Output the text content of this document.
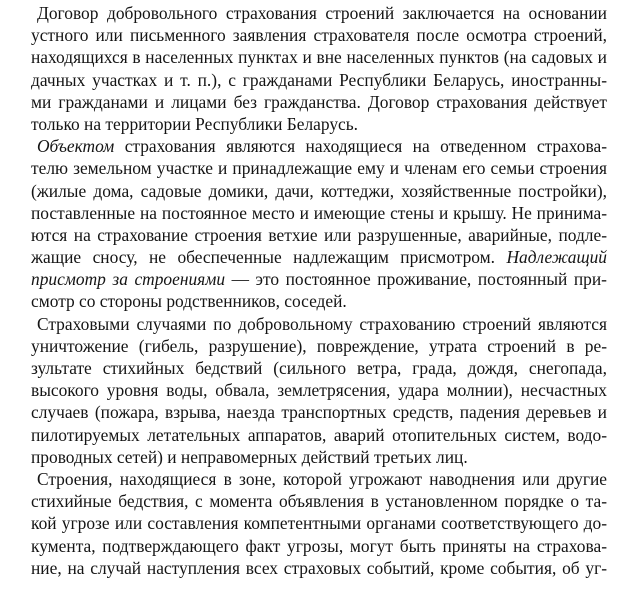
Договор добровольного страхования строений заключается на основании
устного или письменного заявления страхователя после осмотра строений,
находящихся в населенных пунктах и вне населенных пунктов (на садовых и
дачных участках и т. п.), с гражданами Республики Беларусь, иностранны-
ми гражданами и лицами без гражданства. Договор страхования действует
только на территории Республики Беларусь.
Объектом страхования являются находящиеся на отведенном страхова-
телю земельном участке и принадлежащие ему и членам его семьи строения
(жилые дома, садовые домики, дачи, коттеджи, хозяйственные постройки),
поставленные на постоянное место и имеющие стены и крышу. Не принима-
ются на страхование строения ветхие или разрушенные, аварийные, подле-
жащие сносу, не обеспеченные надлежащим присмотром. Надлежащий
присмотр за строениями — это постоянное проживание, постоянный при-
смотр со стороны родственников, соседей.
Страховыми случаями по добровольному страхованию строений являются
уничтожение (гибель, разрушение), повреждение, утрата строений в ре-
зультате стихийных бедствий (сильного ветра, града, дождя, снегопада,
высокого уровня воды, обвала, землетрясения, удара молнии), несчастных
случаев (пожара, взрыва, наезда транспортных средств, падения деревьев и
пилотируемых летательных аппаратов, аварий отопительных систем, водо-
проводных сетей) и неправомерных действий третьих лиц.
Строения, находящиеся в зоне, которой угрожают наводнения или другие
стихийные бедствия, с момента объявления в установленном порядке о та-
кой угрозе или составления компетентными органами соответствующего до-
кумента, подтверждающего факт угрозы, могут быть приняты на страхова-
ние, на случай наступления всех страховых событий, кроме события, об уг-
